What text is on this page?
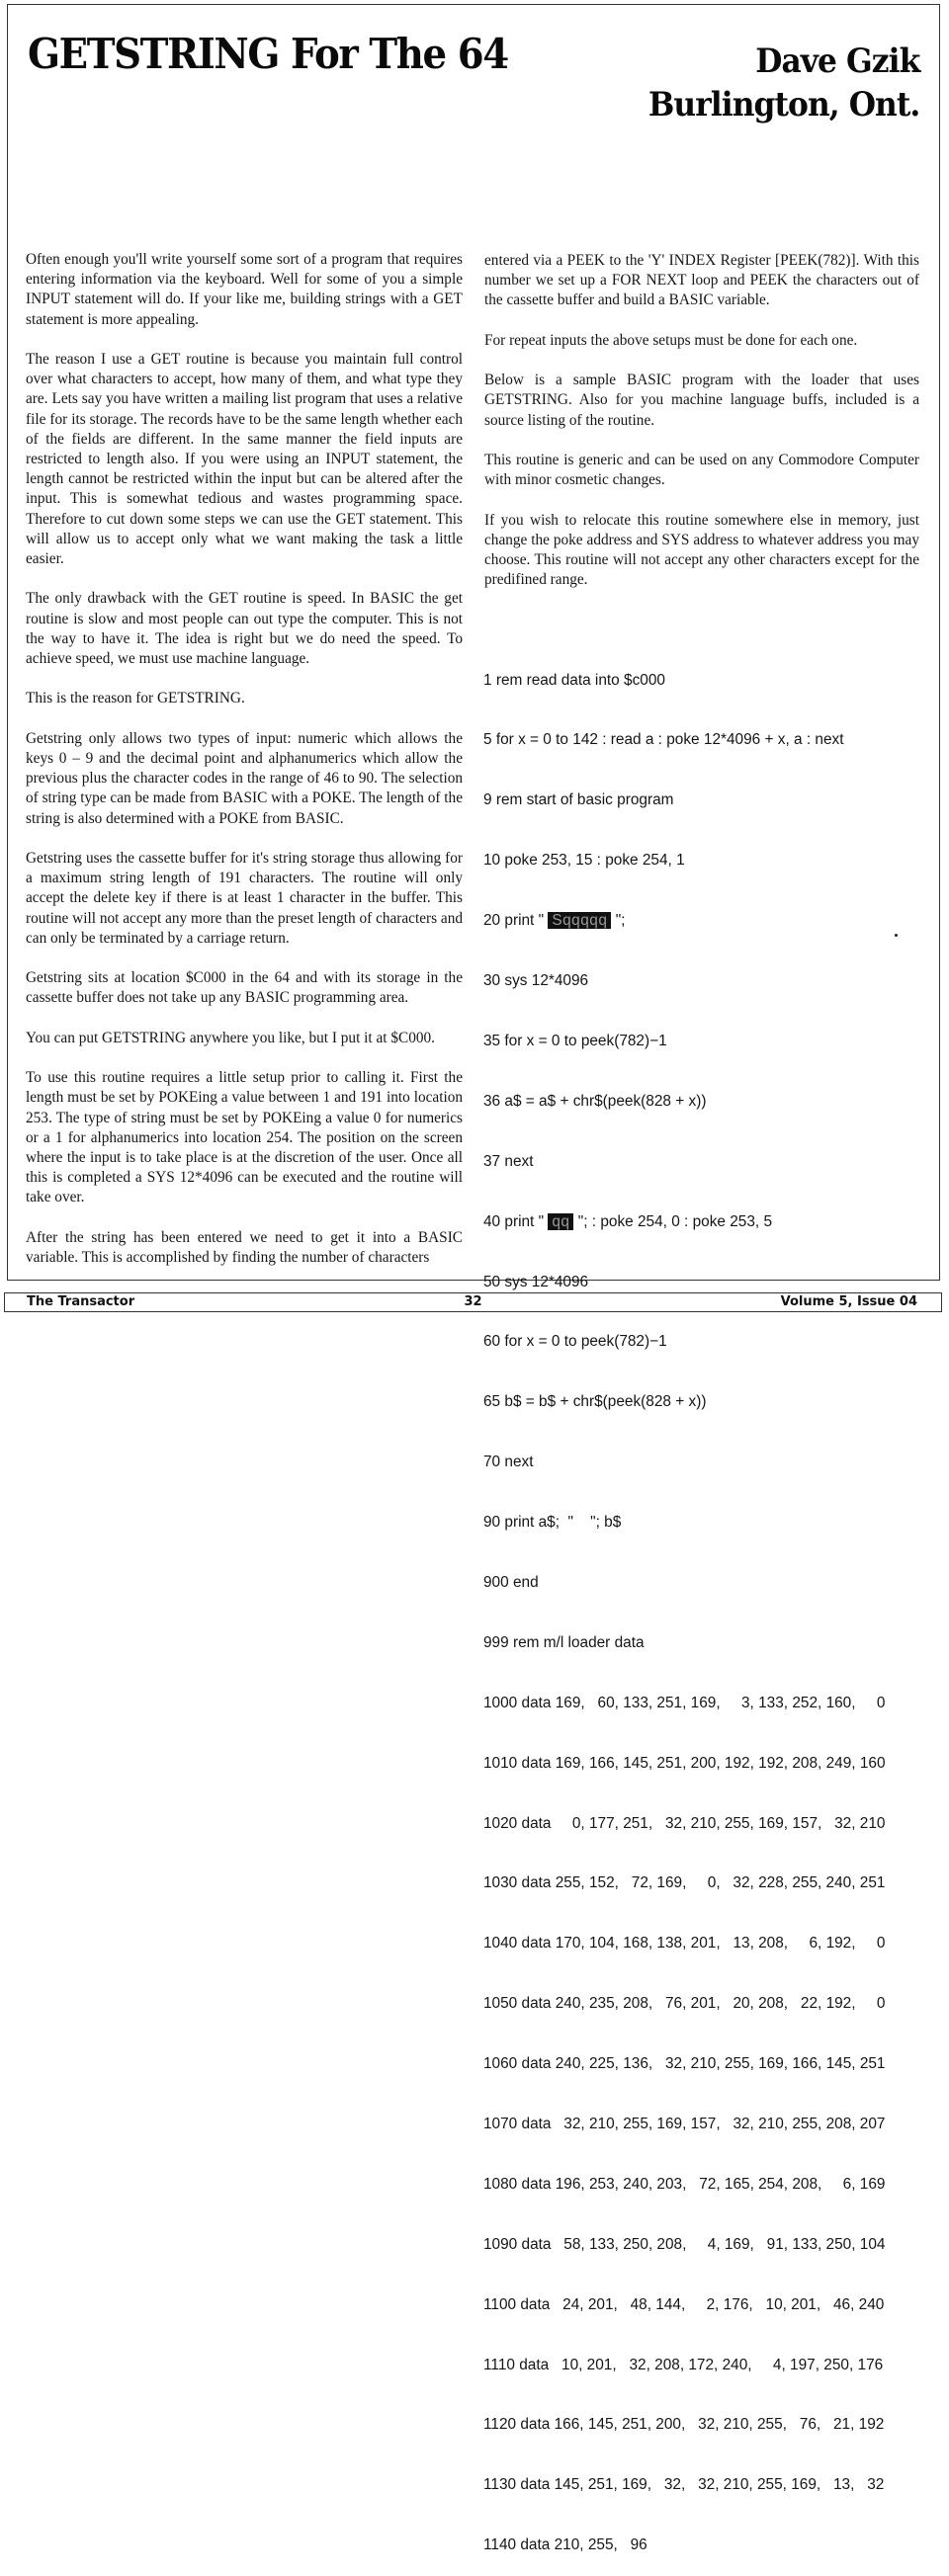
GETSTRING For The 64	Dave Gzik
Burlington, Ont.

Often enough you'll write yourself some sort of a program that requires entering information via the keyboard. Well for some of you a simple INPUT statement will do. If your like me, building strings with a GET statement is more appealing.

The reason I use a GET routine is because you maintain full control over what characters to accept, how many of them, and what type they are. Lets say you have written a mailing list program that uses a relative file for its storage. The records have to be the same length whether each of the fields are different. In the same manner the field inputs are restricted to length also. If you were using an INPUT statement, the length cannot be restricted within the input but can be altered after the input. This is somewhat tedious and wastes programming space. Therefore to cut down some steps we can use the GET statement. This will allow us to accept only what we want making the task a little easier.

The only drawback with the GET routine is speed. In BASIC the get routine is slow and most people can out type the computer. This is not the way to have it. The idea is right but we do need the speed. To achieve speed, we must use machine language.

This is the reason for GETSTRING.

Getstring only allows two types of input: numeric which allows the keys 0 – 9 and the decimal point and alphanumerics which allow the previous plus the character codes in the range of 46 to 90. The selection of string type can be made from BASIC with a POKE. The length of the string is also determined with a POKE from BASIC.

Getstring uses the cassette buffer for it's string storage thus allowing for a maximum string length of 191 characters. The routine will only accept the delete key if there is at least 1 character in the buffer. This routine will not accept any more than the preset length of characters and can only be terminated by a carriage return.

Getstring sits at location $C000 in the 64 and with its storage in the cassette buffer does not take up any BASIC programming area.

You can put GETSTRING anywhere you like, but I put it at $C000.

To use this routine requires a little setup prior to calling it. First the length must be set by POKEing a value between 1 and 191 into location 253. The type of string must be set by POKEing a value 0 for numerics or a 1 for alphanumerics into location 254. The position on the screen where the input is to take place is at the discretion of the user. Once all this is completed a SYS 12*4096 can be executed and the routine will take over.

After the string has been entered we need to get it into a BASIC variable. This is accomplished by finding the number of characters

entered via a PEEK to the 'Y' INDEX Register [PEEK(782)]. With this number we set up a FOR NEXT loop and PEEK the characters out of the cassette buffer and build a BASIC variable.

For repeat inputs the above setups must be done for each one.

Below is a sample BASIC program with the loader that uses GETSTRING. Also for you machine language buffs, included is a source listing of the routine.

This routine is generic and can be used on any Commodore Computer with minor cosmetic changes.

If you wish to relocate this routine somewhere else in memory, just change the poke address and SYS address to whatever address you may choose. This routine will not accept any other characters except for the predifined range.

1 rem read data into $c000

5 for x = 0 to 142 : read a : poke 12*4096 + x, a : next

9 rem start of basic program

10 poke 253, 15 : poke 254, 1

20 print " Sqqqqq ";

30 sys 12*4096

35 for x = 0 to peek(782)−1

36 a$ = a$ + chr$(peek(828 + x))

37 next

40 print " qq "; : poke 254, 0 : poke 253, 5

50 sys 12*4096

60 for x = 0 to peek(782)−1

65 b$ = b$ + chr$(peek(828 + x))

70 next

90 print a$;  "    "; b$

900 end

999 rem m/l loader data

1000 data 169,   60, 133, 251, 169,     3, 133, 252, 160,     0

1010 data 169, 166, 145, 251, 200, 192, 192, 208, 249, 160

1020 data     0, 177, 251,   32, 210, 255, 169, 157,   32, 210

1030 data 255, 152,   72, 169,     0,   32, 228, 255, 240, 251

1040 data 170, 104, 168, 138, 201,   13, 208,     6, 192,     0

1050 data 240, 235, 208,   76, 201,   20, 208,   22, 192,     0

1060 data 240, 225, 136,   32, 210, 255, 169, 166, 145, 251

1070 data   32, 210, 255, 169, 157,   32, 210, 255, 208, 207

1080 data 196, 253, 240, 203,   72, 165, 254, 208,     6, 169

1090 data   58, 133, 250, 208,     4, 169,   91, 133, 250, 104

1100 data   24, 201,   48, 144,     2, 176,   10, 201,   46, 240

1110 data   10, 201,   32, 208, 172, 240,     4, 197, 250, 176

1120 data 166, 145, 251, 200,   32, 210, 255,   76,   21, 192

1130 data 145, 251, 169,   32,   32, 210, 255, 169,   13,   32

1140 data 210, 255,   96

The Transactor	32	Volume 5, Issue 04
